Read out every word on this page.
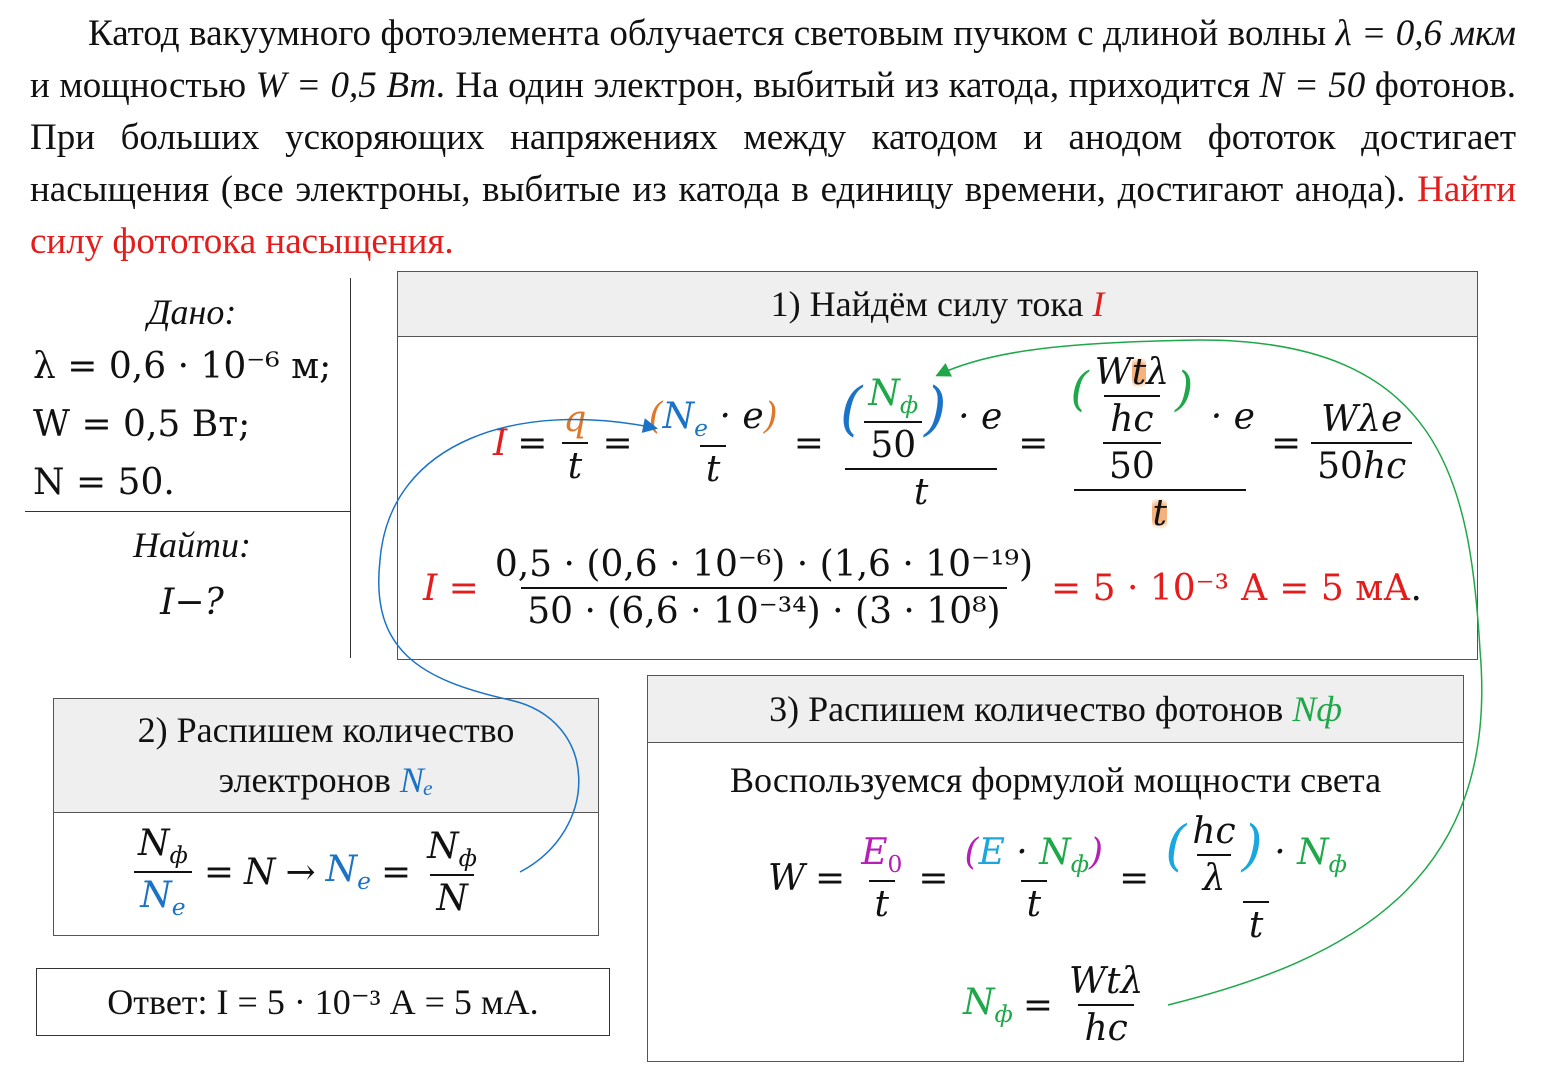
Катод вакуумного фотоэлемента облучается световым пучком с длиной волны λ = 0,6 мкм и мощностью W = 0,5 Вт. На один электрон, выбитый из катода, приходится N = 50 фотонов. При больших ускоряющих напряжениях между катодом и анодом фототок достигает насыщения (все электроны, выбитые из катода в единицу времени, достигают анода). Найти силу фототока насыщения.
Дано:
λ = 0,6 · 10⁻⁶ м;
W = 0,5 Вт;
N = 50.
Найти:
I−?
1) Найдём силу тока I
$I = \frac{q}{t} = \frac{(N_e \cdot e)}{t} = \frac{( \frac{N_ф}{50} ) \cdot e}{t} = \frac{\frac{( \frac{\text{Wtλ}}{hc} )}{50} \cdot e}{t} = \frac{\text{Wλe}}{50hc}$
$I = \frac{\text{0,5 · (0,6 · 10⁻⁶) · (1,6 · 10⁻¹⁹)}}{\text{50 · (6,6 · 10⁻³⁴) · (3 · 10⁸)}} = 5 \cdot 10^{-3}$ А = 5 мА .
2) Распишем количество
электронов Nₑ
$\frac{N_ф}{N_e} = N \to N_e = \frac{N_ф}{N}$
3) Распишем количество фотонов Nф
Воспользуемся формулой мощности света
$W = \frac{E_0}{t} = \frac{(E \cdot N_ф)}{t} = \frac{( \frac{hc}{\lambda} ) \cdot N_ф}{t}$
$N_ф = \frac{\text{Wtλ}}{hc}$
Ответ: I = 5 · 10⁻³ А = 5 мА.
